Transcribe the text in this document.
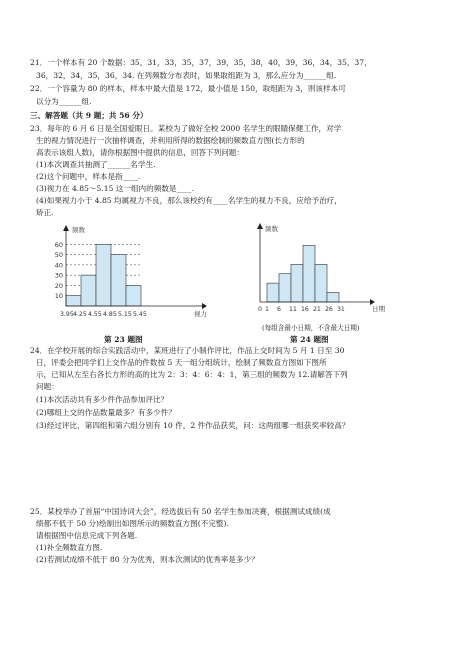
21．一个样本有 20 个数据：35，31，33，35，37，39，35，38，40，39，36，34，35，37，
36，32，34，35，36，34. 在列频数分布表时，如果取组距为 3，那么应分为______组.
22．一个容量为 80 的样本，样本中最大值是 172，最小值是 150，取组距为 3，则该样本可
以分为______组.
三、解答题（共 9 题；共 56 分）
23．每年的 6 月 6 日是全国爱眼日。某校为了做好全校 2000 名学生的眼睛保健工作，对学
生的视力情况进行一次抽样调查，并利用所得的数据绘制的频数直方图(长方形的
高表示该组人数)，请你根据图中提供的信息，回答下列问题：
(1)本次调查共抽测了______名学生.
(2)这个问题中，样本是指____.
(3)视力在 4.85～5.15 这一组内的频数是____.
(4)如果视力小于 4.85 均属视力不良，那么该校约有____名学生的视力不良，应给予治疗，
矫正.
10
20
30
40
50
60
频数
3.95 4.25 4.55 4.85 5.15 5.45	视力
第 23 题图
频数
0 1 6 11 16 21 26 31	日期
(每组含最小日期，不含最大日期)
第 24 题图
24．在学校开展的综合实践活动中，某班进行了小制作评比，作品上交时间为 5 月 1 日至 30
日，评委会把同学们上交作品的件数按 5 天一组分组统计，绘制了频数直方图如下图所
示，已知从左至右各长方形的高的比为 2：3：4：6：4：1，第三组的频数为 12.请解答下列
问题：
(1)本次活动共有多少件作品参加评比？
(2)哪组上交的作品数量最多？有多少件？
(3)经过评比，第四组和第六组分别有 10 件，2 件作品获奖，问：这两组哪一组获奖率较高？
25．某校举办了首届“中国诗词大会”，经选拔后有 50 名学生参加决赛，根据测试成绩(成
绩都不低于 50 分)绘制出如图所示的频数直方图(不完整).
请根据图中信息完成下列各题.
(1)补全频数直方图.
(2)若测试成绩不低于 80 分为优秀，则本次测试的优秀率是多少？
